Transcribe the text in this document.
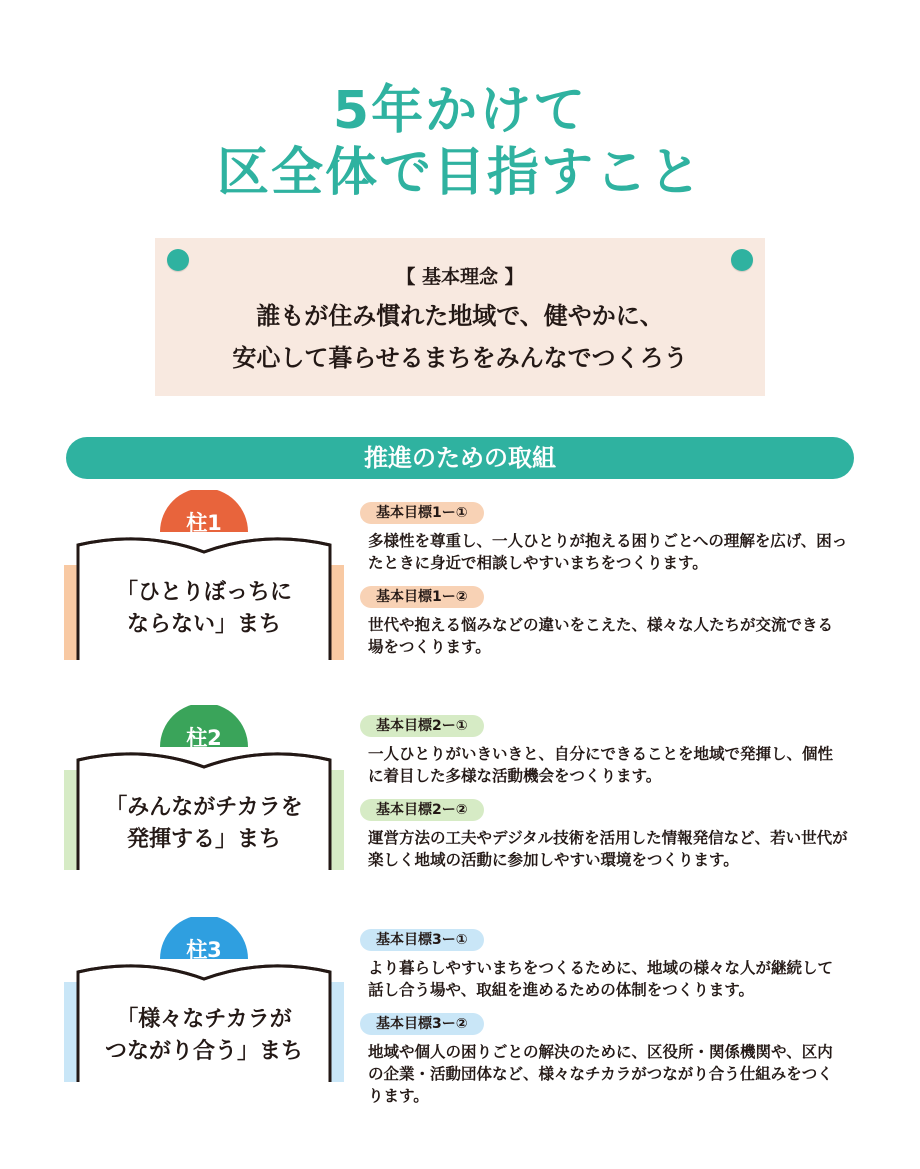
5年かけて
区全体で目指すこと
【 基本理念 】
誰もが住み慣れた地域で、健やかに、
安心して暮らせるまちをみんなでつくろう
推進のための取組
柱1
「ひとりぼっちに
ならない」まち
基本目標1ー①
多様性を尊重し、一人ひとりが抱える困りごとへの理解を広げ、困ったときに身近で相談しやすいまちをつくります。
基本目標1ー②
世代や抱える悩みなどの違いをこえた、様々な人たちが交流できる場をつくります。
柱2
「みんながチカラを
発揮する」まち
基本目標2ー①
一人ひとりがいきいきと、自分にできることを地域で発揮し、個性に着目した多様な活動機会をつくります。
基本目標2ー②
運営方法の工夫やデジタル技術を活用した情報発信など、若い世代が楽しく地域の活動に参加しやすい環境をつくります。
柱3
「様々なチカラが
つながり合う」まち
基本目標3ー①
より暮らしやすいまちをつくるために、地域の様々な人が継続して話し合う場や、取組を進めるための体制をつくります。
基本目標3ー②
地域や個人の困りごとの解決のために、区役所・関係機関や、区内の企業・活動団体など、様々なチカラがつながり合う仕組みをつくります。
